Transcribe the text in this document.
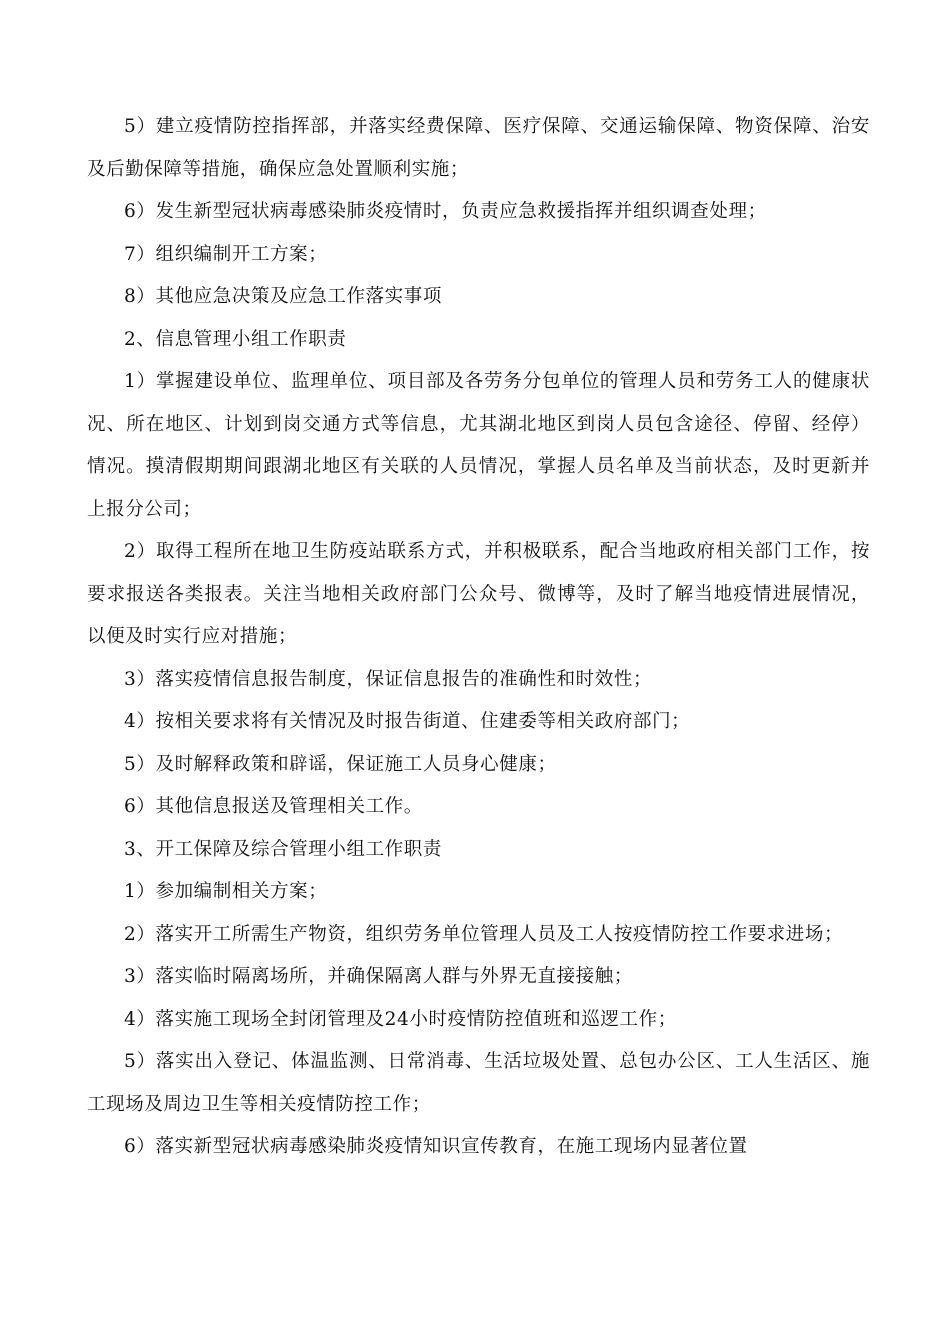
5）建立疫情防控指挥部，并落实经费保障、医疗保障、交通运输保障、物资保障、治安及后勤保障等措施，确保应急处置顺利实施；

6）发生新型冠状病毒感染肺炎疫情时，负责应急救援指挥并组织调查处理；

7）组织编制开工方案；

8）其他应急决策及应急工作落实事项

2、信息管理小组工作职责

1）掌握建设单位、监理单位、项目部及各劳务分包单位的管理人员和劳务工人的健康状况、所在地区、计划到岗交通方式等信息，尤其湖北地区到岗人员包含途径、停留、经停）情况。摸清假期期间跟湖北地区有关联的人员情况，掌握人员名单及当前状态，及时更新并上报分公司；

2）取得工程所在地卫生防疫站联系方式，并积极联系，配合当地政府相关部门工作，按要求报送各类报表。关注当地相关政府部门公众号、微博等，及时了解当地疫情进展情况，以便及时实行应对措施；

3）落实疫情信息报告制度，保证信息报告的准确性和时效性；

4）按相关要求将有关情况及时报告街道、住建委等相关政府部门；

5）及时解释政策和辟谣，保证施工人员身心健康；

6）其他信息报送及管理相关工作。

3、开工保障及综合管理小组工作职责

1）参加编制相关方案；

2）落实开工所需生产物资，组织劳务单位管理人员及工人按疫情防控工作要求进场；

3）落实临时隔离场所，并确保隔离人群与外界无直接接触；

4）落实施工现场全封闭管理及24小时疫情防控值班和巡逻工作；

5）落实出入登记、体温监测、日常消毒、生活垃圾处置、总包办公区、工人生活区、施工现场及周边卫生等相关疫情防控工作；

6）落实新型冠状病毒感染肺炎疫情知识宣传教育，在施工现场内显著位置
